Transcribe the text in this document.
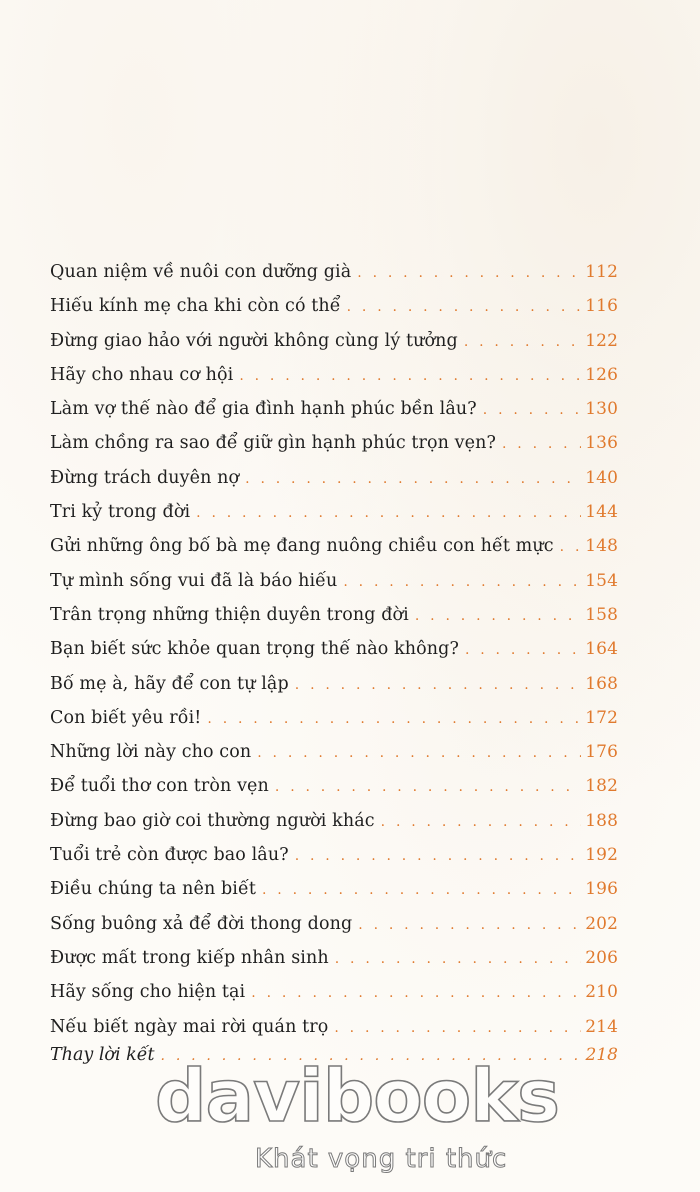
Quan niệm về nuôi con dưỡng già . . .	112
Hiếu kính mẹ cha khi còn có thể . . .	116
Đừng giao hảo với người không cùng lý tưởng . . .	122
Hãy cho nhau cơ hội . . .	126
Làm vợ thế nào để gia đình hạnh phúc bền lâu? . . .	130
Làm chồng ra sao để giữ gìn hạnh phúc trọn vẹn? . . .	136
Đừng trách duyên nợ . . .	140
Tri kỷ trong đời . . .	144
Gửi những ông bố bà mẹ đang nuông chiều con hết mực . . .	148
Tự mình sống vui đã là báo hiếu . . .	154
Trân trọng những thiện duyên trong đời . . .	158
Bạn biết sức khỏe quan trọng thế nào không? . . .	164
Bố mẹ à, hãy để con tự lập . . .	168
Con biết yêu rồi! . . .	172
Những lời này cho con . . .	176
Để tuổi thơ con tròn vẹn . . .	182
Đừng bao giờ coi thường người khác . . .	188
Tuổi trẻ còn được bao lâu? . . .	192
Điều chúng ta nên biết . . .	196
Sống buông xả để đời thong dong . . .	202
Được mất trong kiếp nhân sinh . . .	206
Hãy sống cho hiện tại . . .	210
Nếu biết ngày mai rời quán trọ . . .	214
Thay lời kết . . .	218
davibooks
Khát vọng tri thức
